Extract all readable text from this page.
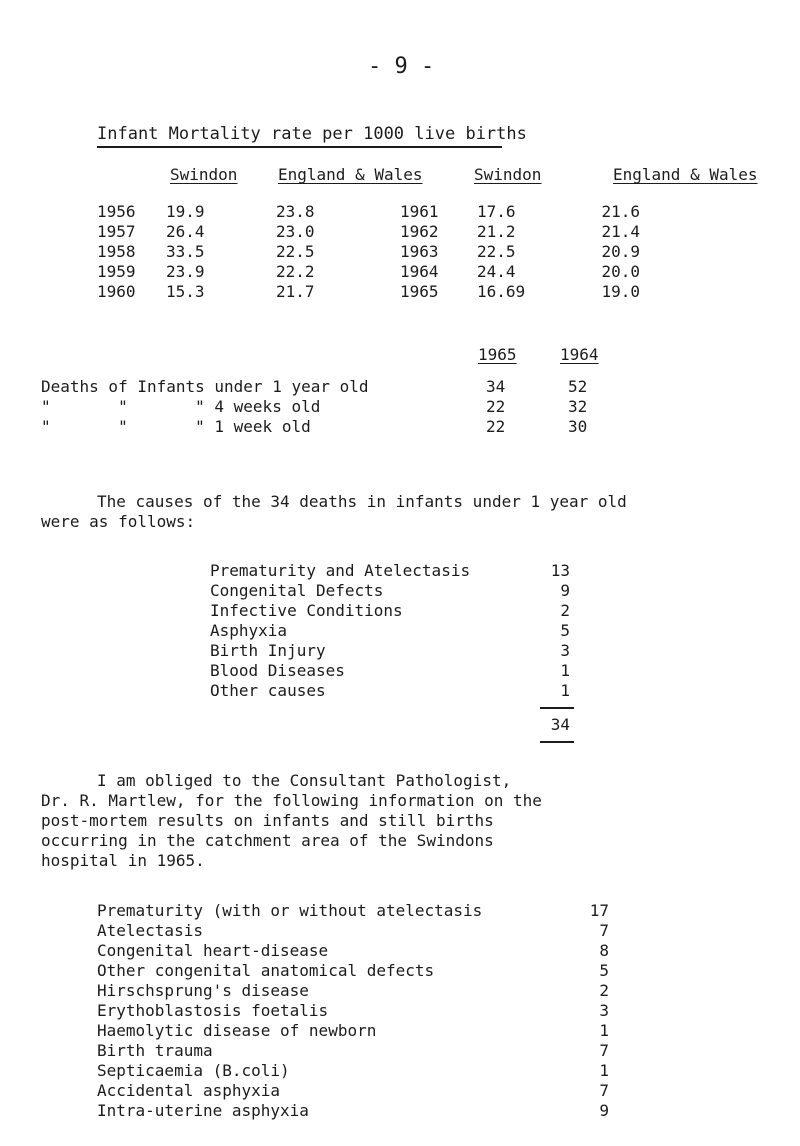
- 9 -
Infant Mortality rate per 1000 live births
Swindon	England & Wales	Swindon	England & Wales
1956 19.9	23.8
1957 26.4	23.0
1958 33.5	22.5
1959 23.9	22.2
1960 15.3	21.7
1961 17.6	21.6
1962 21.2	21.4
1963 22.5	20.9
1964 24.4	20.0
1965 16.69	19.0
1965	1964
Deaths of Infants under 1 year old	34	52
"       "       " 4 weeks old	22	32
"       "       " 1 week old	22	30
The causes of the 34 deaths in infants under 1 year old
were as follows:
Prematurity and Atelectasis	13
Congenital Defects	9
Infective Conditions	2
Asphyxia	5
Birth Injury	3
Blood Diseases	1
Other causes	1
34
I am obliged to the Consultant Pathologist,
Dr. R. Martlew, for the following information on the
post-mortem results on infants and still births
occurring in the catchment area of the Swindons
hospital in 1965.
Prematurity (with or without atelectasis	17
Atelectasis	7
Congenital heart-disease	8
Other congenital anatomical defects	5
Hirschsprung's disease	2
Erythoblastosis foetalis	3
Haemolytic disease of newborn	1
Birth trauma	7
Septicaemia (B.coli)	1
Accidental asphyxia	7
Intra-uterine asphyxia	9
